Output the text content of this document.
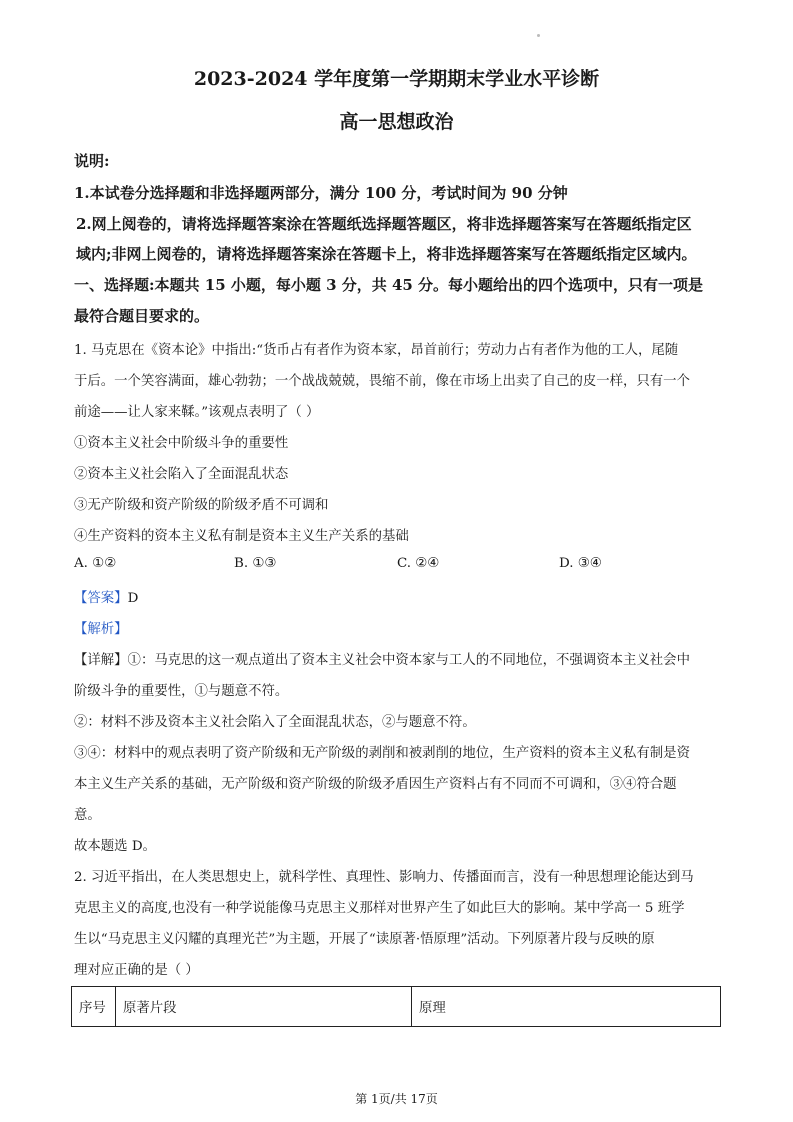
2023-2024 学年度第一学期期末学业水平诊断
高一思想政治
说明:
1.本试卷分选择题和非选择题两部分，满分 100 分，考试时间为 90 分钟
2.网上阅卷的，请将选择题答案涂在答题纸选择题答题区，将非选择题答案写在答题纸指定区
域内;非网上阅卷的，请将选择题答案涂在答题卡上，将非选择题答案写在答题纸指定区域内。
一、选择题:本题共 15 小题，每小题 3 分，共 45 分。每小题给出的四个选项中，只有一项是
最符合题目要求的。
1. 马克思在《资本论》中指出:“货币占有者作为资本家，昂首前行；劳动力占有者作为他的工人，尾随
于后。一个笑容满面，雄心勃勃；一个战战兢兢，畏缩不前，像在市场上出卖了自己的皮一样，只有一个
前途——让人家来鞣。”该观点表明了（ ）
①资本主义社会中阶级斗争的重要性
②资本主义社会陷入了全面混乱状态
③无产阶级和资产阶级的阶级矛盾不可调和
④生产资料的资本主义私有制是资本主义生产关系的基础
A. ①②	B. ①③	C. ②④	D. ③④
【答案】D
【解析】
【详解】①：马克思的这一观点道出了资本主义社会中资本家与工人的不同地位，不强调资本主义社会中
阶级斗争的重要性，①与题意不符。
②：材料不涉及资本主义社会陷入了全面混乱状态，②与题意不符。
③④：材料中的观点表明了资产阶级和无产阶级的剥削和被剥削的地位，生产资料的资本主义私有制是资
本主义生产关系的基础，无产阶级和资产阶级的阶级矛盾因生产资料占有不同而不可调和，③④符合题
意。
故本题选 D。
2. 习近平指出，在人类思想史上，就科学性、真理性、影响力、传播面而言，没有一种思想理论能达到马
克思主义的高度,也没有一种学说能像马克思主义那样对世界产生了如此巨大的影响。某中学高一 5 班学
生以“马克思主义闪耀的真理光芒”为主题，开展了“读原著·悟原理”活动。下列原著片段与反映的原
理对应正确的是（ ）
序号	原著片段	原理
第 1页/共 17页
